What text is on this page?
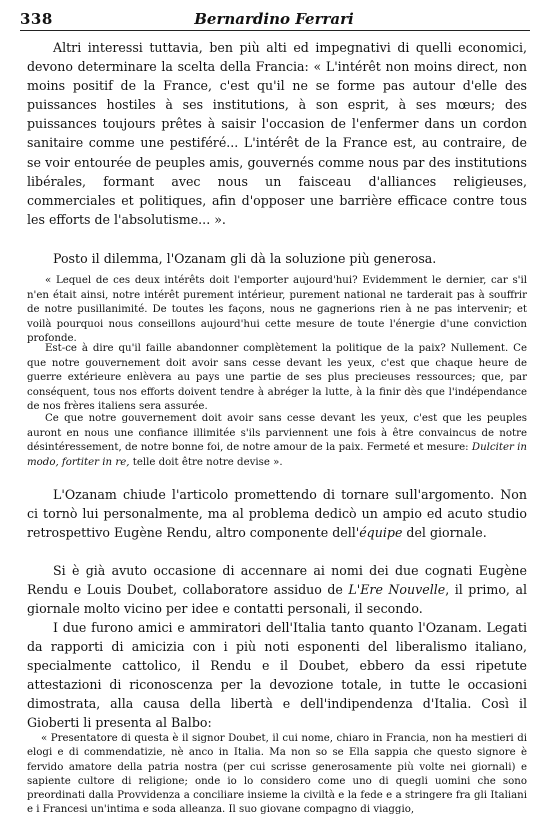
338	Bernardino Ferrari

Altri interessi tuttavia, ben più alti ed impegnativi di quelli economici, devono determinare la scelta della Francia: « L'intérêt non moins direct, non moins positif de la France, c'est qu'il ne se forme pas autour d'elle des puissances hostiles à ses institutions, à son esprit, à ses mœurs; des puissances toujours prêtes à saisir l'occasion de l'enfermer dans un cordon sanitaire comme une pestiféré... L'intérêt de la France est, au contraire, de se voir entourée de peuples amis, gouvernés comme nous par des institutions libérales, formant avec nous un faisceau d'alliances religieuses, commerciales et politiques, afin d'opposer une barrière efficace contre tous les efforts de l'absolutisme... ».

Posto il dilemma, l'Ozanam gli dà la soluzione più generosa.

« Lequel de ces deux intérêts doit l'emporter aujourd'hui? Evidemment le dernier, car s'il n'en était ainsi, notre intérêt purement intérieur, purement national ne tarderait pas à souffrir de notre pusillanimité. De toutes les façons, nous ne gagnerions rien à ne pas intervenir; et voilà pourquoi nous conseillons aujourd'hui cette mesure de toute l'énergie d'une conviction profonde.

Est-ce à dire qu'il faille abandonner complètement la politique de la paix? Nullement. Ce que notre gouvernement doit avoir sans cesse devant les yeux, c'est que chaque heure de guerre extérieure enlèvera au pays une partie de ses plus precieuses ressources; que, par conséquent, tous nos efforts doivent tendre à abréger la lutte, à la finir dès que l'indépendance de nos frères italiens sera assurée.

Ce que notre gouvernement doit avoir sans cesse devant les yeux, c'est que les peuples auront en nous une confiance illimitée s'ils parviennent une fois à être convaincus de notre désintéressement, de notre bonne foi, de notre amour de la paix. Fermeté et mesure: Dulciter in modo, fortiter in re, telle doit être notre devise ».

L'Ozanam chiude l'articolo promettendo di tornare sull'argomento. Non ci tornò lui personalmente, ma al problema dedicò un ampio ed acuto studio retrospettivo Eugène Rendu, altro componente dell'équipe del giornale.

Si è già avuto occasione di accennare ai nomi dei due cognati Eugène Rendu e Louis Doubet, collaboratore assiduo de L'Ere Nouvelle, il primo, al giornale molto vicino per idee e contatti personali, il secondo.

I due furono amici e ammiratori dell'Italia tanto quanto l'Ozanam. Legati da rapporti di amicizia con i più noti esponenti del liberalismo italiano, specialmente cattolico, il Rendu e il Doubet, ebbero da essi ripetute attestazioni di riconoscenza per la devozione totale, in tutte le occasioni dimostrata, alla causa della libertà e dell'indipendenza d'Italia. Così il Gioberti li presenta al Balbo:

« Presentatore di questa è il signor Doubet, il cui nome, chiaro in Francia, non ha mestieri di elogi e di commendatizie, nè anco in Italia. Ma non so se Ella sappia che questo signore è fervido amatore della patria nostra (per cui scrisse generosamente più volte nei giornali) e sapiente cultore di religione; onde io lo considero come uno di quegli uomini che sono preordinati dalla Provvidenza a conciliare insieme la civiltà e la fede e a stringere fra gli Italiani e i Francesi un'intima e soda alleanza. Il suo giovane compagno di viaggio,
